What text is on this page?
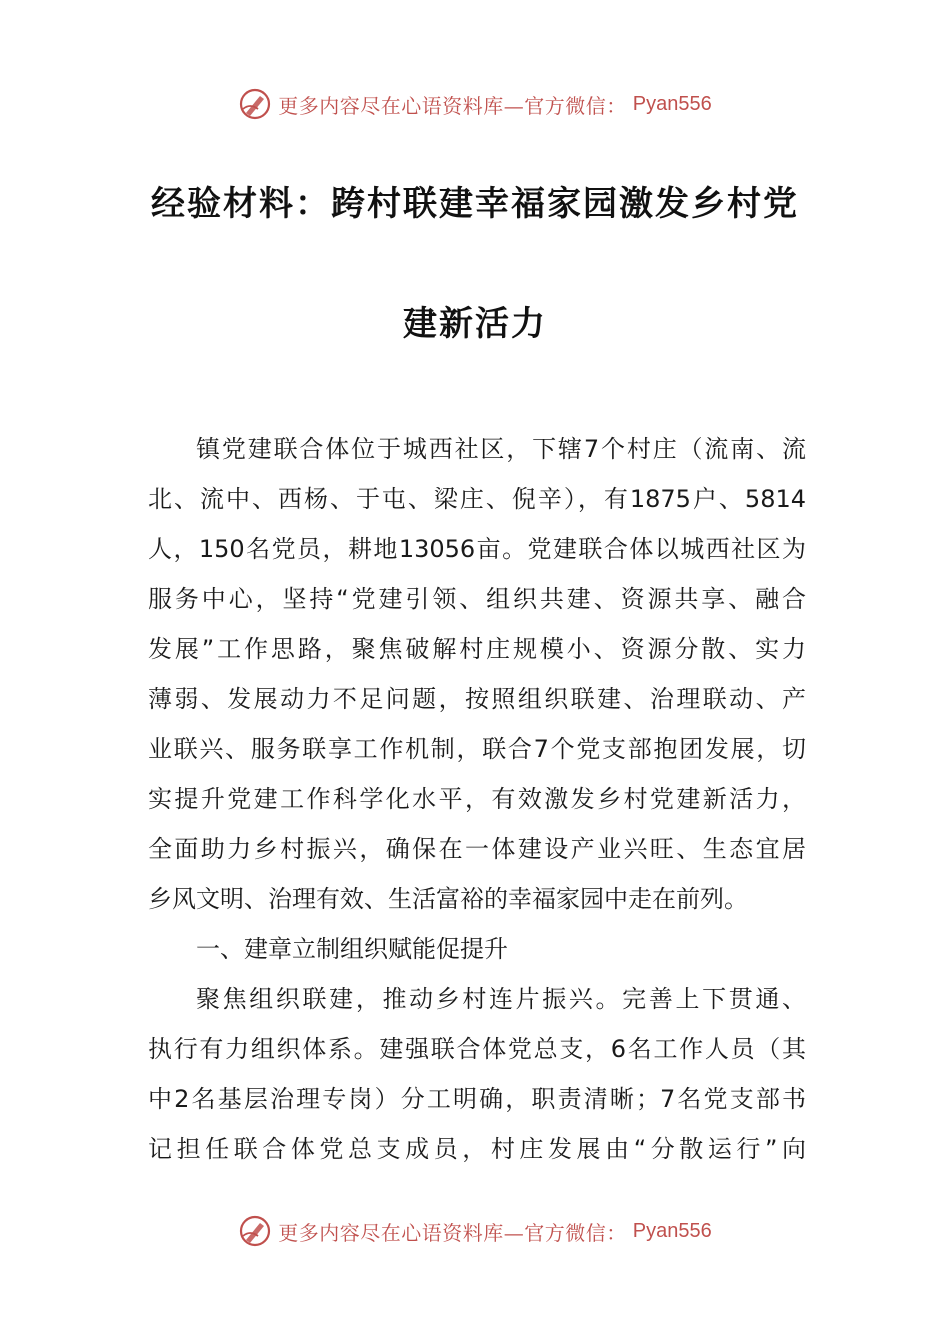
更多内容尽在心语资料库—官方微信： Pyan556
经验材料：跨村联建幸福家园激发乡村党
建新活力
镇党建联合体位于城西社区，下辖7个村庄（流南、流
北、流中、西杨、于屯、梁庄、倪辛），有1875户、5814
人，150名党员，耕地13056亩。党建联合体以城西社区为
服务中心，坚持“党建引领、组织共建、资源共享、融合
发展”工作思路，聚焦破解村庄规模小、资源分散、实力
薄弱、发展动力不足问题，按照组织联建、治理联动、产
业联兴、服务联享工作机制，联合7个党支部抱团发展，切
实提升党建工作科学化水平，有效激发乡村党建新活力，
全面助力乡村振兴，确保在一体建设产业兴旺、生态宜居
乡风文明、治理有效、生活富裕的幸福家园中走在前列。
一、建章立制组织赋能促提升
聚焦组织联建，推动乡村连片振兴。完善上下贯通、
执行有力组织体系。建强联合体党总支，6名工作人员（其
中2名基层治理专岗）分工明确，职责清晰；7名党支部书
记担任联合体党总支成员，村庄发展由“分散运行”向
更多内容尽在心语资料库—官方微信： Pyan556
